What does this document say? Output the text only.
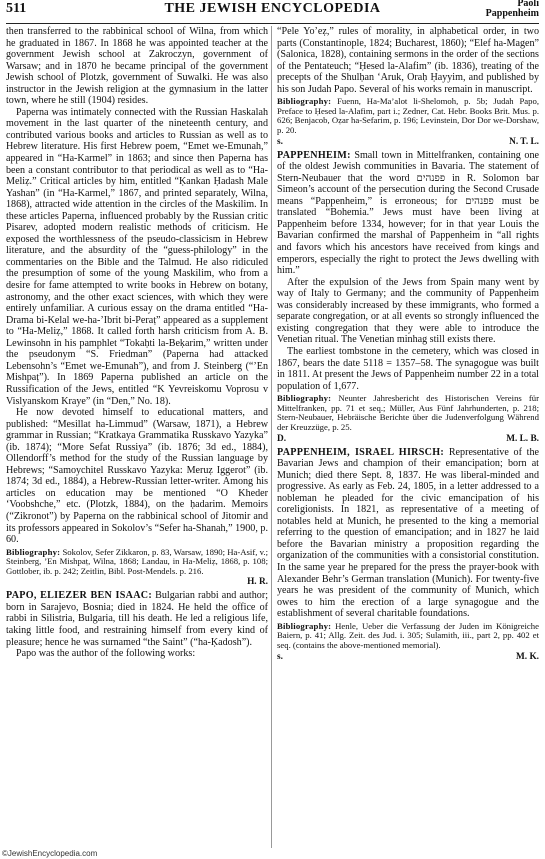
511	THE JEWISH ENCYCLOPEDIA	Paoli
Pappenheim

then transferred to the rabbinical school of Wilna, from which he graduated in 1867. In 1868 he was appointed teacher at the government Jewish school at Zakroczyn, government of Warsaw; and in 1870 he became principal of the government Jewish school of Plotzk, government of Suwalki. He was also instructor in the Jewish religion at the gymnasium in the latter town, where he still (1904) resides.

Paperna was intimately connected with the Russian Haskalah movement in the last quarter of the nineteenth century, and contributed various books and articles to Russian as well as to Hebrew literature. His first Hebrew poem, “Emet we-Emunah,” appeared in “Ha-Karmel” in 1863; and since then Paperna has been a constant contributor to that periodical as well as to “Ha-Meliẓ.” Critical articles by him, entitled “Ḳankan Ḥadash Male Yashan” (in “Ha-Karmel,” 1867, and printed separately, Wilna, 1868), attracted wide attention in the circles of the Maskilim. In these articles Paperna, influenced probably by the Russian critic Pisarev, adopted modern realistic methods of criticism. He exposed the worthlessness of the pseudo-classicism in Hebrew literature, and the absurdity of the “guess-philology” in the commentaries on the Bible and the Talmud. He also ridiculed the presumption of some of the young Maskilim, who from a desire for fame attempted to write books in Hebrew on botany, astronomy, and the other exact sciences, with which they were entirely unfamiliar. A curious essay on the drama entitled “Ha-Drama bi-Kelal we-ha-’Ibrit bi-Peraṭ” appeared as a supplement to “Ha-Meliẓ,” 1868. It called forth harsh criticism from A. B. Lewinsohn in his pamphlet “Tokaḥti la-Beḳarim,” written under the pseudonym “S. Friedman” (Paperna had attacked Lebensohn’s “Emet we-Emunah”), and from J. Steinberg (“’En Mishpaṭ”). In 1869 Paperna published an article on the Russification of the Jews, entitled “K Yevreiskomu Voprosu v Vislyanskom Kraye” (in “Den,” No. 18).

He now devoted himself to educational matters, and published: “Mesillat ha-Limmud” (Warsaw, 1871), a Hebrew grammar in Russian; “Kratkaya Grammatika Russkavo Yazyka” (ib. 1874); “More Sefat Russiya” (ib. 1876; 3d ed., 1884), Ollendorff’s method for the study of the Russian language by Hebrews; “Samoychitel Russkavo Yazyka: Meruẓ Iggerot” (ib. 1874; 3d ed., 1884), a Hebrew-Russian letter-writer. Among his articles on education may be mentioned “O Kheder ‘Voobshche,” etc. (Plotzk, 1884), on the ḥadarim. Memoirs (“Zikronot”) by Paperna on the rabbinical school of Jitomir and its professors appeared in Sokolov’s “Sefer ha-Shanah,” 1900, p. 60.

Bibliography: Sokolov, Sefer Zikkaron, p. 83, Warsaw, 1890; Ha-Asif, v.; Steinberg, ’En Mishpaṭ, Wilna, 1868; Landau, in Ha-Meliẓ, 1868, p. 108; Gottlober, ib. p. 242; Zeitlin, Bibl. Post-Mendels. p. 216.

H. R.

PAPO, ELIEZER BEN ISAAC: Bulgarian rabbi and author; born in Sarajevo, Bosnia; died in 1824. He held the office of rabbi in Silistria, Bulgaria, till his death. He led a religious life, taking little food, and restraining himself from every kind of pleasure; hence he was surnamed “the Saint” (“ha-Ḳadosh”).

Papo was the author of the following works:

“Pele Yo’eẓ,” rules of morality, in alphabetical order, in two parts (Constantinople, 1824; Bucharest, 1860); “Elef ha-Magen” (Salonica, 1828), containing sermons in the order of the sections of the Pentateuch; “Ḥesed la-Alafim” (ib. 1836), treating of the precepts of the Shulḥan ‘Aruk, Oraḥ Ḥayyim, and published by his son Judah Papo. Several of his works remain in manuscript.

Bibliography: Fuenn, Ha-Ma’alot li-Shelomoh, p. 5b; Judah Papo, Preface to Ḥesed la-Alafim, part i.; Zedner, Cat. Hebr. Books Brit. Mus. p. 626; Benjacob, Oẓar ha-Sefarim, p. 196; Levinstein, Dor Dor we-Dorshaw, p. 20.

s.	N. T. L.

PAPPENHEIM: Small town in Mittelfranken, containing one of the oldest Jewish communities in Bavaria. The statement of Stern-Neubauer that the word פפנהים in R. Solomon bar Simeon’s account of the persecution during the Second Crusade means “Pappenheim,” is erroneous; for פפנהים must be translated “Bohemia.” Jews must have been living at Pappenheim before 1334, however; for in that year Louis the Bavarian confirmed the marshal of Pappenheim in “all rights and favors which his ancestors have received from kings and emperors, especially the right to protect the Jews dwelling with him.”

After the expulsion of the Jews from Spain many went by way of Italy to Germany; and the community of Pappenheim was considerably increased by these immigrants, who formed a separate congregation, or at all events so strongly influenced the existing congregation that they were able to introduce the Venetian ritual. The Venetian minhag still exists there.

The earliest tombstone in the cemetery, which was closed in 1867, bears the date 5118 = 1357–58. The synagogue was built in 1811. At present the Jews of Pappenheim number 22 in a total population of 1,677.

Bibliography: Neunter Jahresbericht des Historischen Vereins für Mittelfranken, pp. 71 et seq.; Müller, Aus Fünf Jahrhunderten, p. 218; Stern-Neubauer, Hebräische Berichte über die Judenverfolgung Während der Kreuzzüge, p. 25.

D.	M. L. B.

PAPPENHEIM, ISRAEL HIRSCH: Representative of the Bavarian Jews and champion of their emancipation; born at Munich; died there Sept. 8, 1837. He was liberal-minded and progressive. As early as Feb. 24, 1805, in a letter addressed to a nobleman he pleaded for the civic emancipation of his coreligionists. In 1821, as representative of a meeting of notables held at Munich, he presented to the king a memorial referring to the question of emancipation; and in 1827 he laid before the Bavarian ministry a proposition regarding the organization of the communities with a consistorial constitution. In the same year he prepared for the press the prayer-book with Alexander Behr’s German translation (Munich). For twenty-five years he was president of the community of Munich, which owes to him the erection of a large synagogue and the establishment of several charitable foundations.

Bibliography: Henle, Ueber die Verfassung der Juden im Königreiche Baiern, p. 41; Allg. Zeit. des Jud. i. 305; Sulamith, iii., part 2, pp. 402 et seq. (contains the above-mentioned memorial).

s.	M. K.
©JewishEncyclopedia.com
